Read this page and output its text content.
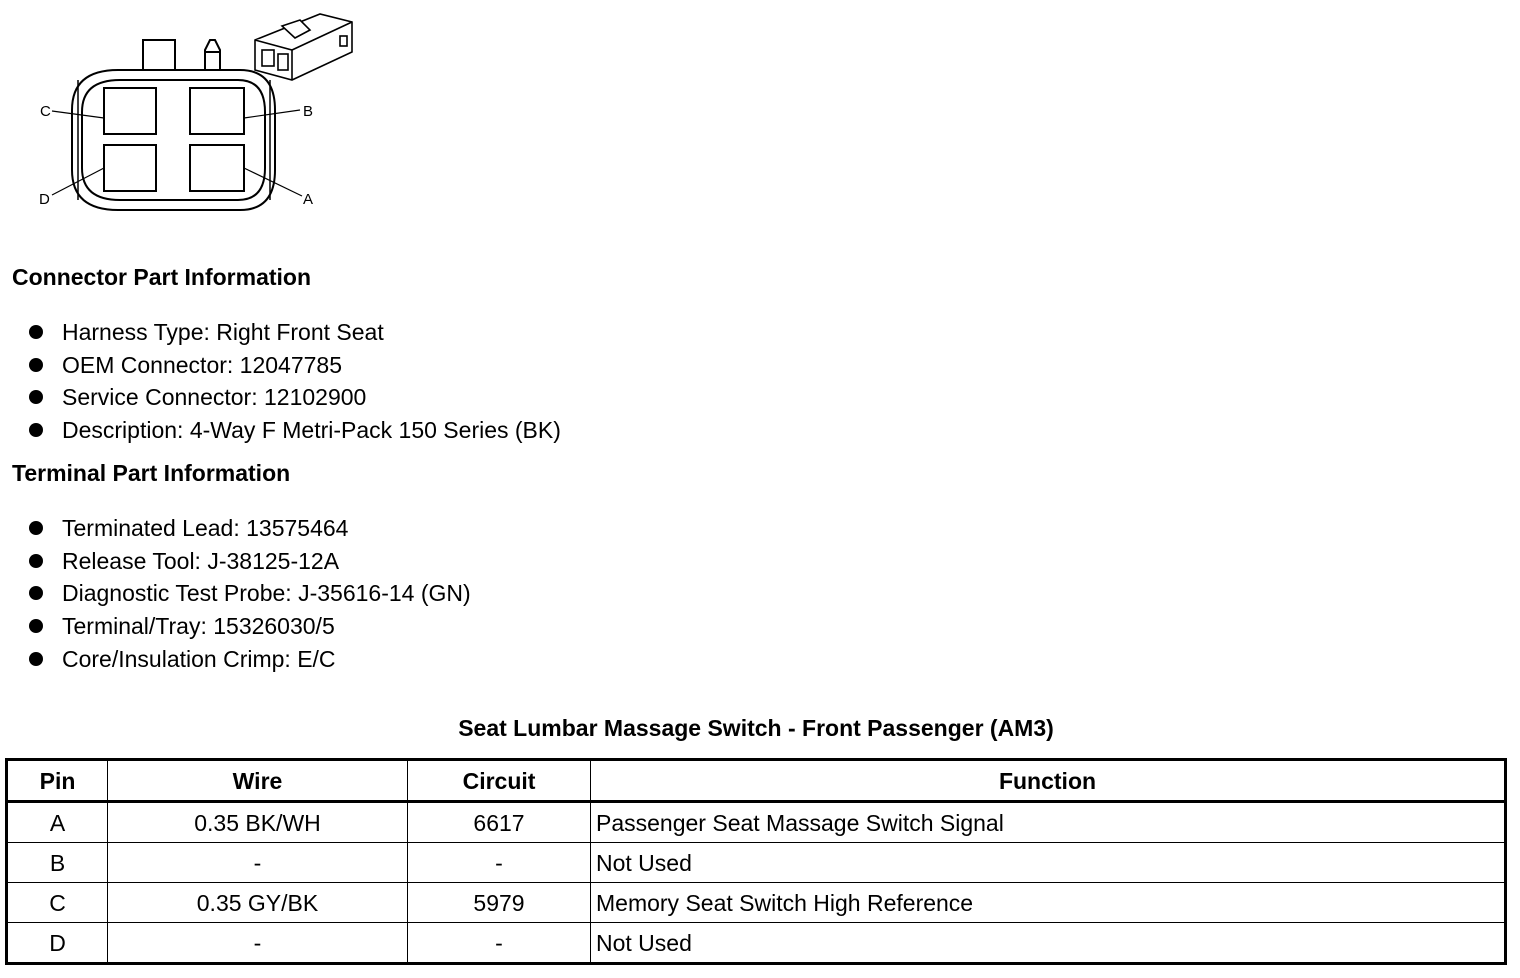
C	B
D	A
Connector Part Information
Harness Type: Right Front Seat
OEM Connector: 12047785
Service Connector: 12102900
Description: 4-Way F Metri-Pack 150 Series (BK)
Terminal Part Information
Terminated Lead: 13575464
Release Tool: J-38125-12A
Diagnostic Test Probe: J-35616-14 (GN)
Terminal/Tray: 15326030/5
Core/Insulation Crimp: E/C
Seat Lumbar Massage Switch - Front Passenger (AM3)
Pin	Wire	Circuit	Function
A	0.35 BK/WH	6617	Passenger Seat Massage Switch Signal
B	-	-	Not Used
C	0.35 GY/BK	5979	Memory Seat Switch High Reference
D	-	-	Not Used
